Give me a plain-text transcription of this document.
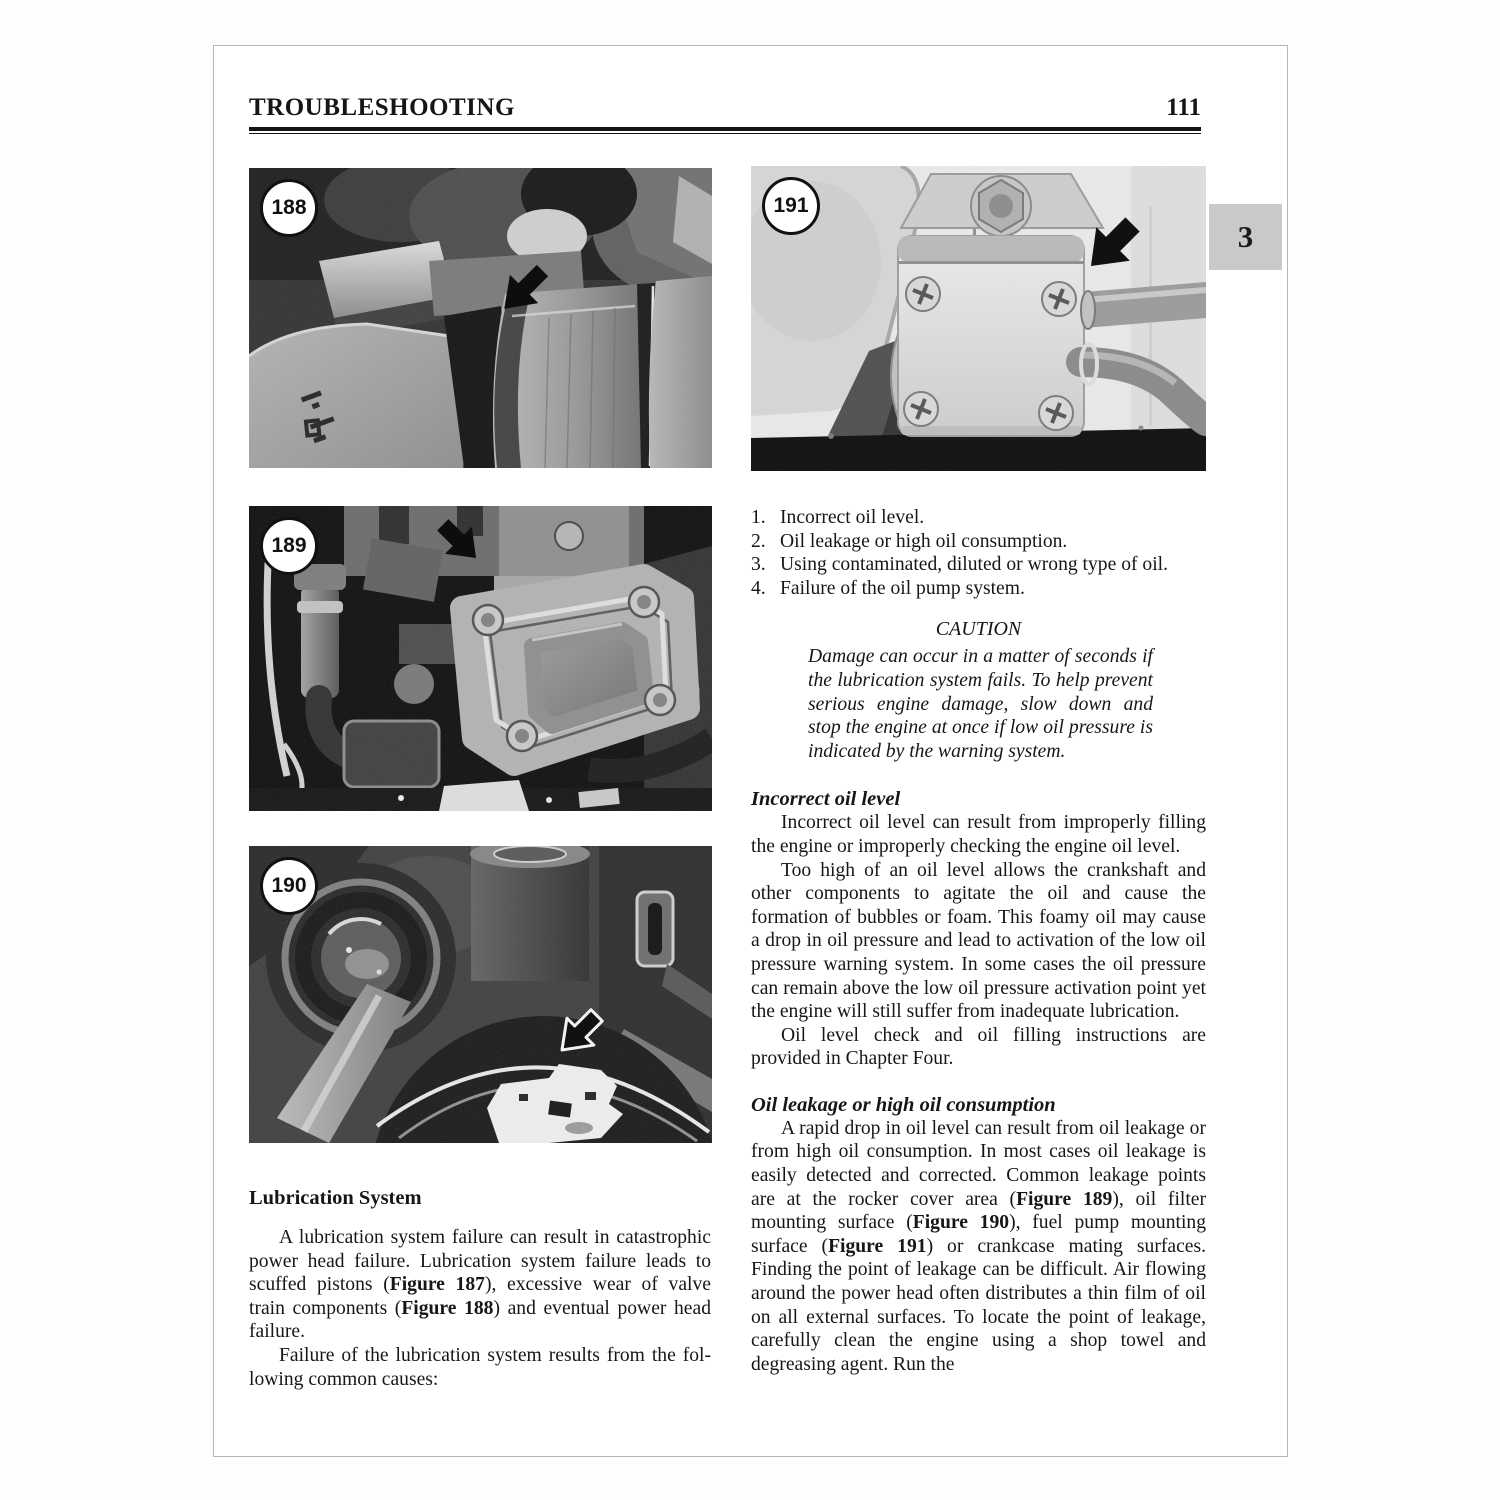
TROUBLESHOOTING	111
3
188
189
190
191
1. Incorrect oil level.
2. Oil leakage or high oil consumption.
3. Using contaminated, diluted or wrong type of oil.
4. Failure of the oil pump system.
CAUTION

Damage can occur in a matter of seconds if the lubrication system fails. To help prevent serious engine damage, slow down and stop the engine at once if low oil pressure is indicated by the warning system.

Incorrect oil level

Incorrect oil level can result from improperly filling the engine or improperly checking the engine oil level.

Too high of an oil level allows the crankshaft and other components to agitate the oil and cause the formation of bubbles or foam. This foamy oil may cause a drop in oil pressure and lead to activation of the low oil pressure warning system. In some cases the oil pressure can remain above the low oil pressure activation point yet the engine will still suffer from inadequate lubrication.

Oil level check and oil filling instructions are provided in Chapter Four.

Oil leakage or high oil consumption

A rapid drop in oil level can result from oil leakage or from high oil consumption. In most cases oil leakage is easily detected and corrected. Common leakage points are at the rocker cover area (Figure 189), oil filter mounting surface (Figure 190), fuel pump mounting surface (Figure 191) or crankcase mating surfaces. Finding the point of leakage can be difficult. Air flowing around the power head often distributes a thin film of oil on all external surfaces. To locate the point of leakage, carefully clean the engine using a shop towel and degreasing agent. Run the

Lubrication System

A lubrication system failure can result in catastrophic power head failure. Lubrication system failure leads to scuffed pistons (Figure 187), excessive wear of valve train components (Figure 188) and eventual power head failure.

Failure of the lubrication system results from the following common causes:
